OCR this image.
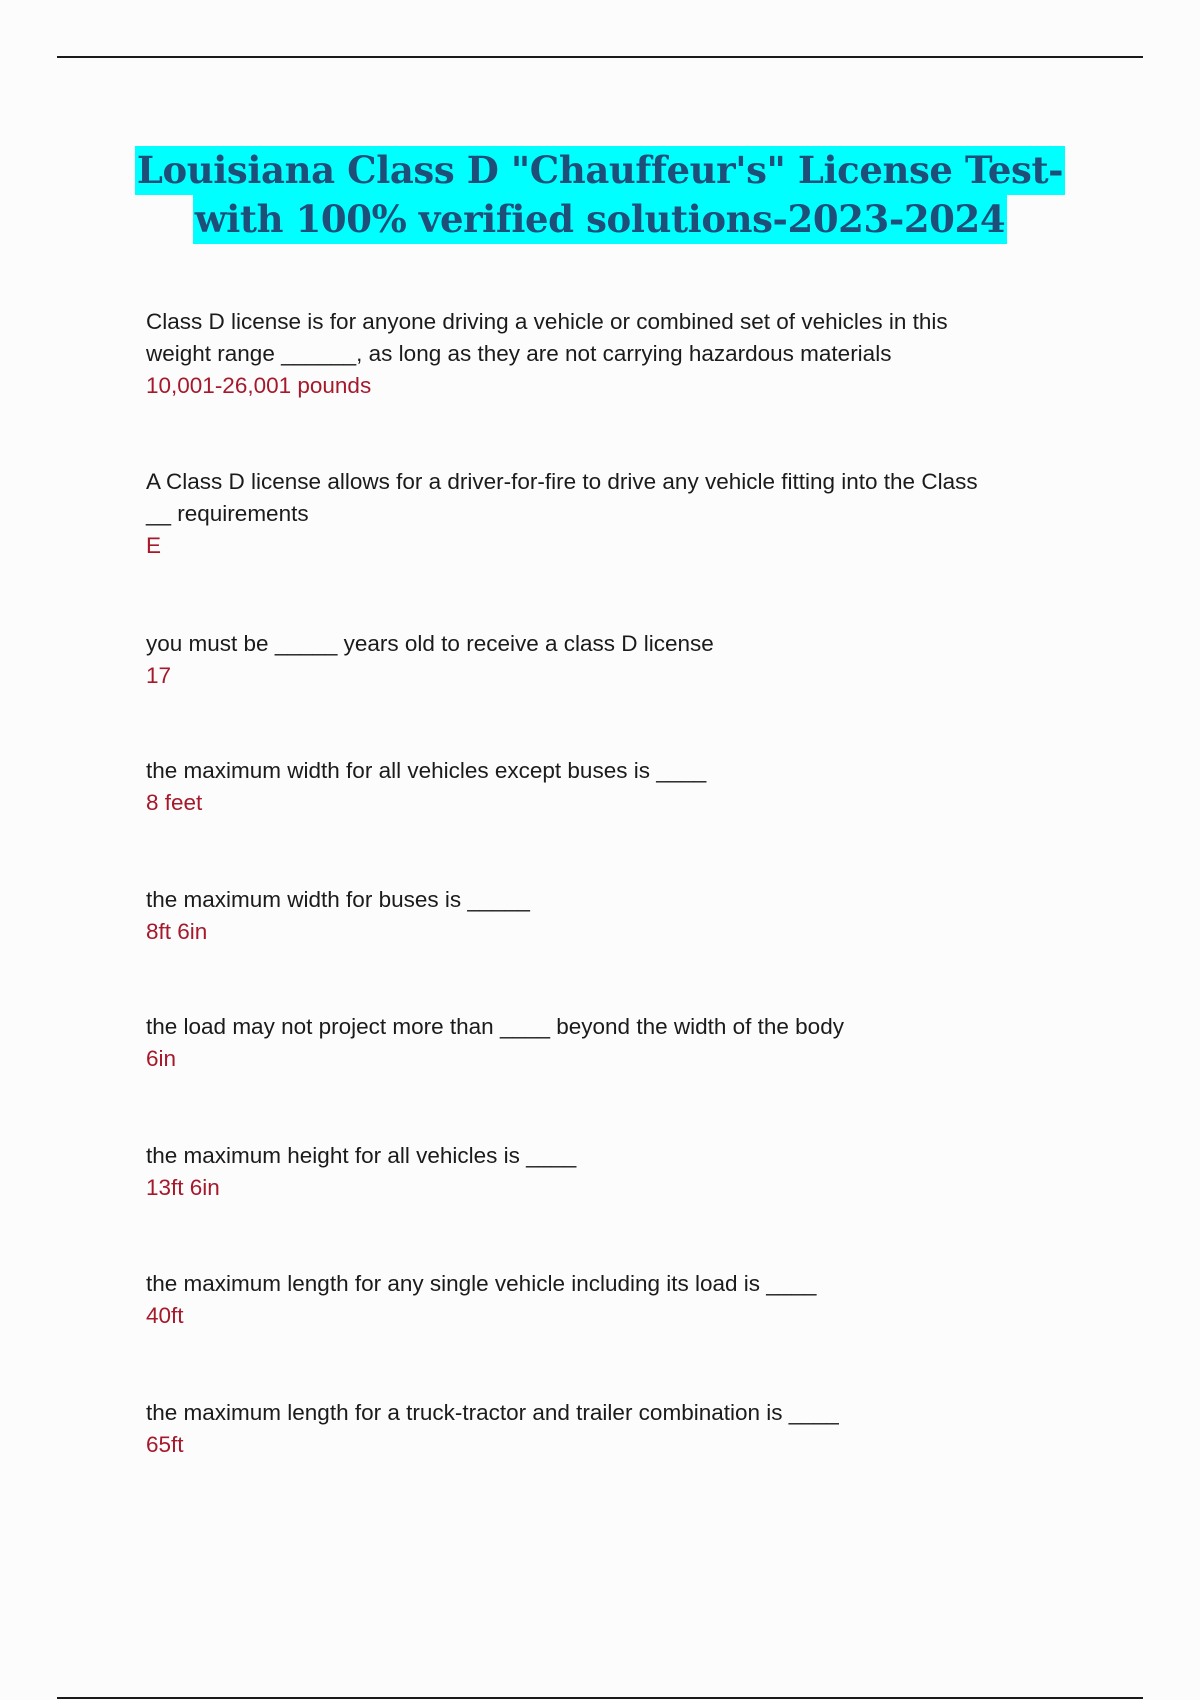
Louisiana Class D "Chauffeur's" License Test-
with 100% verified solutions-2023-2024
Class D license is for anyone driving a vehicle or combined set of vehicles in this
weight range ______, as long as they are not carrying hazardous materials
10,001-26,001 pounds
A Class D license allows for a driver-for-fire to drive any vehicle fitting into the Class
__ requirements
E
you must be _____ years old to receive a class D license
17
the maximum width for all vehicles except buses is ____
8 feet
the maximum width for buses is _____
8ft 6in
the load may not project more than ____ beyond the width of the body
6in
the maximum height for all vehicles is ____
13ft 6in
the maximum length for any single vehicle including its load is ____
40ft
the maximum length for a truck-tractor and trailer combination is ____
65ft
